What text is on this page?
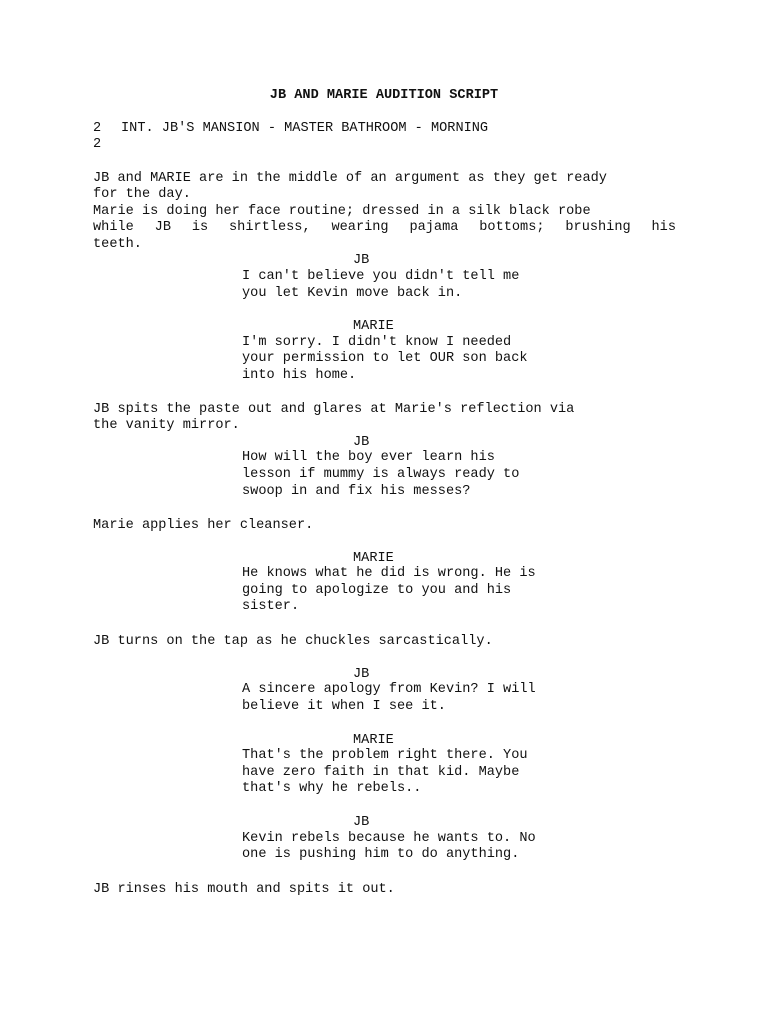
JB AND MARIE AUDITION SCRIPT
2 INT. JB'S MANSION - MASTER BATHROOM - MORNING
2
JB and MARIE are in the middle of an argument as they get ready
for the day.
Marie is doing her face routine; dressed in a silk black robe
while JB is shirtless, wearing pajama bottoms; brushing his
teeth.
JB
I can't believe you didn't tell me
you let Kevin move back in.
MARIE
I'm sorry. I didn't know I needed
your permission to let OUR son back
into his home.
JB spits the paste out and glares at Marie's reflection via
the vanity mirror.
JB
How will the boy ever learn his
lesson if mummy is always ready to
swoop in and fix his messes?
Marie applies her cleanser.
MARIE
He knows what he did is wrong. He is
going to apologize to you and his
sister.
JB turns on the tap as he chuckles sarcastically.
JB
A sincere apology from Kevin? I will
believe it when I see it.
MARIE
That's the problem right there. You
have zero faith in that kid. Maybe
that's why he rebels..
JB
Kevin rebels because he wants to. No
one is pushing him to do anything.
JB rinses his mouth and spits it out.
